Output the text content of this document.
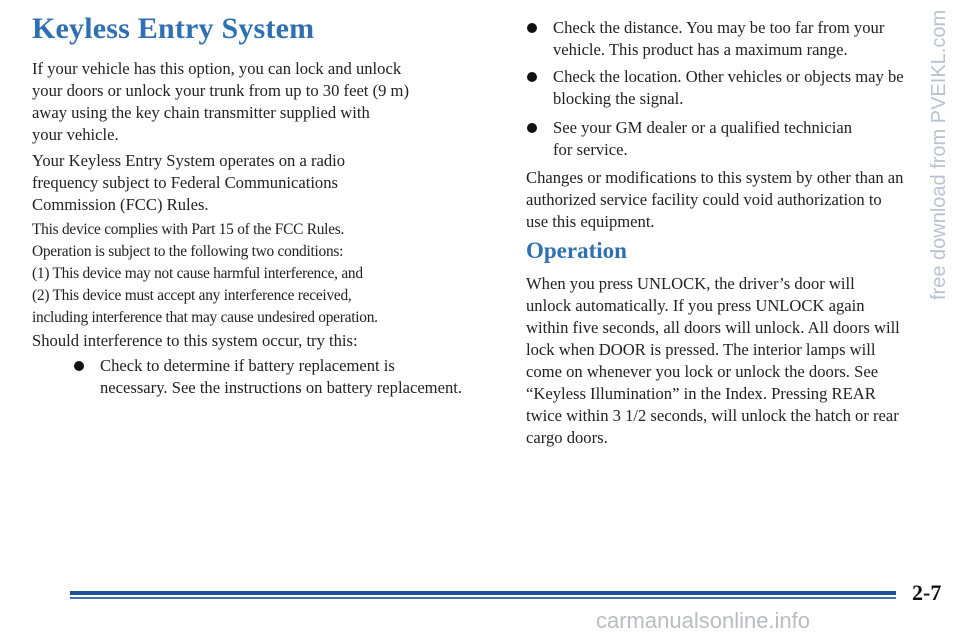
Keyless Entry System

If your vehicle has this option, you can lock and unlock
your doors or unlock your trunk from up to 30 feet (9 m)
away using the key chain transmitter supplied with
your vehicle.

Your Keyless Entry System operates on a radio
frequency subject to Federal Communications
Commission (FCC) Rules.

This device complies with Part 15 of the FCC Rules.
Operation is subject to the following two conditions:
(1) This device may not cause harmful interference, and
(2) This device must accept any interference received,
including interference that may cause undesired operation.

Should interference to this system occur, try this:

Check to determine if battery replacement is
necessary. See the instructions on battery replacement.
Check the distance. You may be too far from your
vehicle. This product has a maximum range.
Check the location. Other vehicles or objects may be
blocking the signal.
See your GM dealer or a qualified technician
for service.

Changes or modifications to this system by other than an
authorized service facility could void authorization to
use this equipment.

Operation

When you press UNLOCK, the driver’s door will
unlock automatically. If you press UNLOCK again
within five seconds, all doors will unlock. All doors will
lock when DOOR is pressed. The interior lamps will
come on whenever you lock or unlock the doors. See
“Keyless Illumination” in the Index. Pressing REAR
twice within 3 1/2 seconds, will unlock the hatch or rear
cargo doors.

2-7
free download from PVEIKL.com
carmanualsonline.info
